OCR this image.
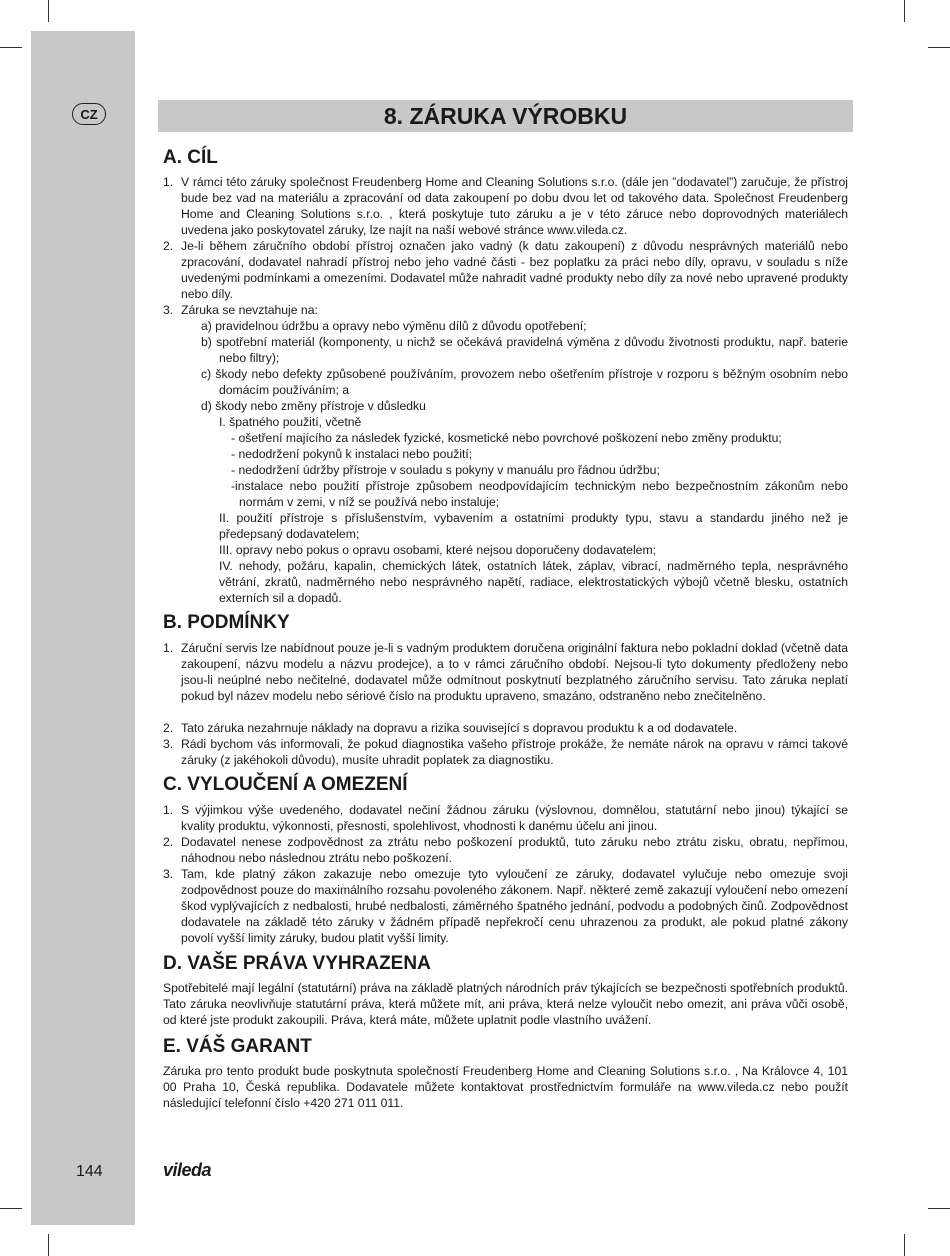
CZ
144	vileda
8. ZÁRUKA VÝROBKU
A. CÍL
1. V rámci této záruky společnost Freudenberg Home and Cleaning Solutions s.r.o. (dále jen ”dodavatel”) zaručuje, že přístroj bude bez vad na materiálu a zpracování od data zakoupení po dobu dvou let od takového data. Společnost Freudenberg Home and Cleaning Solutions s.r.o. , která poskytuje tuto záruku a je v této záruce nebo doprovodných materiálech uvedena jako poskytovatel záruky, lze najít na naší webové stránce www.vileda.cz.
2. Je-li během záručního období přístroj označen jako vadný (k datu zakoupení) z důvodu nesprávných materiálů nebo zpracování, dodavatel nahradí přístroj nebo jeho vadné části - bez poplatku za práci nebo díly, opravu, v souladu s níže uvedenými podmínkami a omezeními. Dodavatel může nahradit vadné produkty nebo díly za nové nebo upravené produkty nebo díly.
3. Záruka se nevztahuje na:
a) pravidelnou údržbu a opravy nebo výměnu dílů z důvodu opotřebení;
b) spotřební materiál (komponenty, u nichž se očekává pravidelná výměna z důvodu životnosti produktu, např. baterie nebo filtry);
c) škody nebo defekty způsobené používáním, provozem nebo ošetřením přístroje v rozporu s běžným osobním nebo domácím používáním; a
d) škody nebo změny přístroje v důsledku
I. špatného použití, včetně
- ošetření majícího za následek fyzické, kosmetické nebo povrchové poškození nebo změny produktu;
- nedodržení pokynů k instalaci nebo použití;
- nedodržení údržby přístroje v souladu s pokyny v manuálu pro řádnou údržbu;
-instalace nebo použití přístroje způsobem neodpovídajícím technickým nebo bezpečnostním zákonům nebo normám v zemi, v níž se používá nebo instaluje;
II. použití přístroje s příslušenstvím, vybavením a ostatními produkty typu, stavu a standardu jiného než je předepsaný dodavatelem;
III. opravy nebo pokus o opravu osobami, které nejsou doporučeny dodavatelem;
IV. nehody, požáru, kapalin, chemických látek, ostatních látek, záplav, vibrací, nadměrného tepla, nesprávného větrání, zkratů, nadměrného nebo nesprávného napětí, radiace, elektrostatických výbojů včetně blesku, ostatních externích sil a dopadů.
B. PODMÍNKY
1. Záruční servis lze nabídnout pouze je-li s vadným produktem doručena originální faktura nebo pokladní doklad (včetně data zakoupení, názvu modelu a názvu prodejce), a to v rámci záručního období. Nejsou-li tyto dokumenty předloženy nebo jsou-li neúplné nebo nečitelné, dodavatel může odmítnout poskytnutí bezplatného záručního servisu. Tato záruka neplatí pokud byl název modelu nebo sériové číslo na produktu upraveno, smazáno, odstraněno nebo znečitelněno.
2. Tato záruka nezahrnuje náklady na dopravu a rizika související s dopravou produktu k a od dodavatele.
3. Rádi bychom vás informovali, že pokud diagnostika vašeho přístroje prokáže, že nemáte nárok na opravu v rámci takové záruky (z jakéhokoli důvodu), musíte uhradit poplatek za diagnostiku.
C. VYLOUČENÍ A OMEZENÍ
1. S výjimkou výše uvedeného, dodavatel nečiní žádnou záruku (výslovnou, domnělou, statutární nebo jinou) týkající se kvality produktu, výkonnosti, přesnosti, spolehlivost, vhodnosti k danému účelu ani jinou.
2. Dodavatel nenese zodpovědnost za ztrátu nebo poškození produktů, tuto záruku nebo ztrátu zisku, obratu, nepřímou, náhodnou nebo následnou ztrátu nebo poškození.
3. Tam, kde platný zákon zakazuje nebo omezuje tyto vyloučení ze záruky, dodavatel vylučuje nebo omezuje svoji zodpovědnost pouze do maximálního rozsahu povoleného zákonem. Např. některé země zakazují vyloučení nebo omezení škod vyplývajících z nedbalosti, hrubé nedbalosti, záměrného špatného jednání, podvodu a podobných činů. Zodpovědnost dodavatele na základě této záruky v žádném případě nepřekročí cenu uhrazenou za produkt, ale pokud platné zákony povolí vyšší limity záruky, budou platit vyšší limity.
D. VAŠE PRÁVA VYHRAZENA
Spotřebitelé mají legální (statutární) práva na základě platných národních práv týkajících se bezpečnosti spotřebních produktů. Tato záruka neovlivňuje statutární práva, která můžete mít, ani práva, která nelze vyloučit nebo omezit, ani práva vůči osobě, od které jste produkt zakoupili. Práva, která máte, můžete uplatnit podle vlastního uvážení.
E. VÁŠ GARANT
Záruka pro tento produkt bude poskytnuta společností Freudenberg Home and Cleaning Solutions s.r.o. , Na Královce 4, 101 00 Praha 10, Česká republika. Dodavatele můžete kontaktovat prostřednictvím formuláře na www.vileda.cz nebo použít následující telefonní číslo +420 271 011 011.
